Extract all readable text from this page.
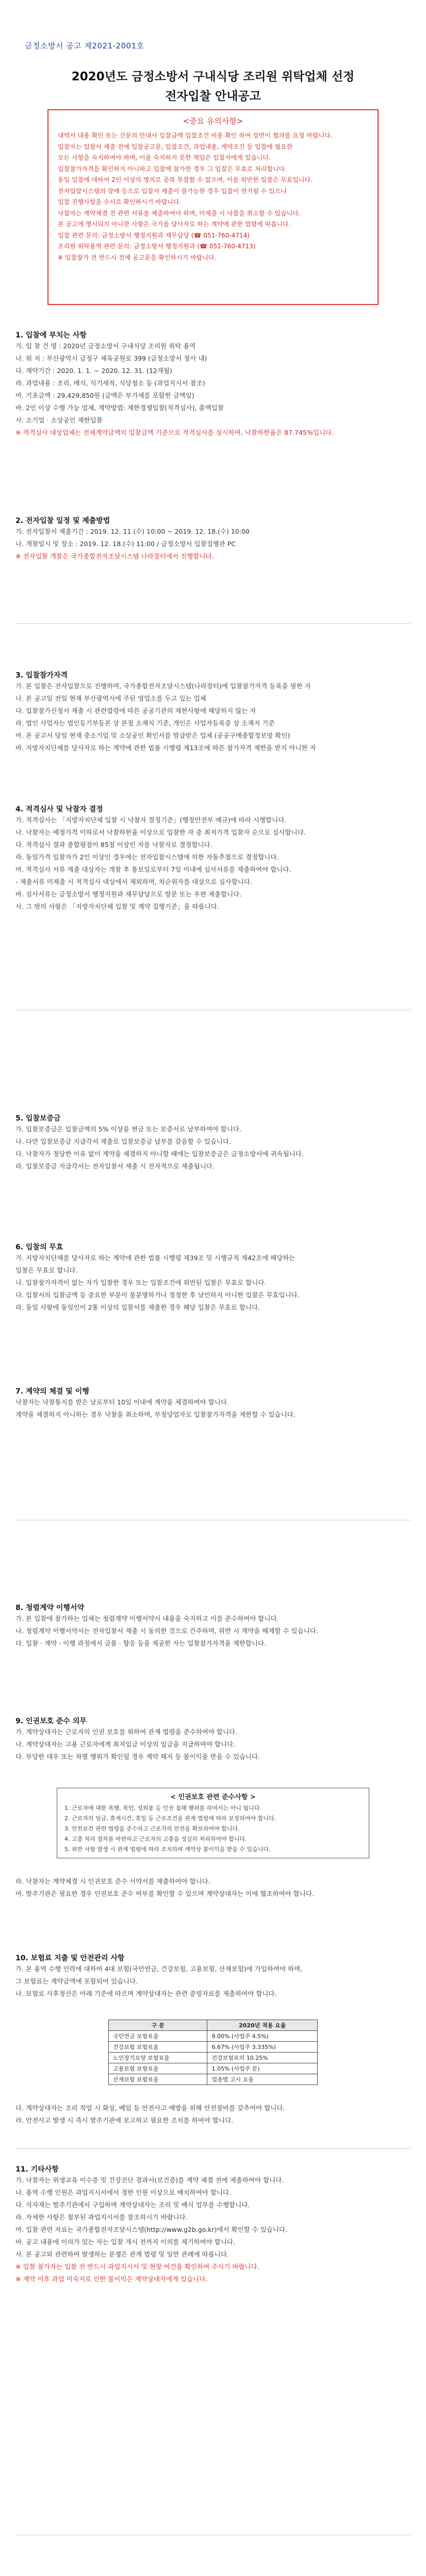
금정소방서 공고 제2021-2001호
2020년도 금정소방서 구내식당 조리원 위탁업체 선정
전자입찰 안내공고
<중요 유의사항>
내역서 내용 확인 또는 신분의 안내사 입찰금액 입찰조건 비용 확인 하여 상반이 협의를 요청 바랍니다.
입찰자는 입찰서 제출 전에 입찰공고문, 입찰조건, 과업내용, 계약조건 등 입찰에 필요한
모든 사항을 숙지하여야 하며, 이를 숙지하지 못한 책임은 입찰자에게 있습니다.
입찰참가자격을 확인하지 아니하고 입찰에 참가한 경우 그 입찰은 무효로 처리합니다.
동일 입찰에 대하여 2인 이상의 명의로 중복 투찰할 수 없으며, 이를 위반한 입찰은 무효입니다.
전자입찰시스템의 장애 등으로 입찰서 제출이 불가능한 경우 입찰이 연기될 수 있으니
입찰 진행사항을 수시로 확인하시기 바랍니다.
낙찰자는 계약체결 전 관련 서류를 제출하여야 하며, 미제출 시 낙찰을 취소할 수 있습니다.
본 공고에 명시되지 아니한 사항은 국가를 당사자로 하는 계약에 관한 법령에 따릅니다.
입찰 관련 문의: 금정소방서 행정지원과 재무담당 (☎ 051-760-4714)
조리원 위탁용역 관련 문의: 금정소방서 행정지원과 (☎ 051-760-4713)
※ 입찰참가 전 반드시 전체 공고문을 확인하시기 바랍니다.
1. 입찰에 부치는 사항
가. 입 찰 건 명 : 2020년 금정소방서 구내식당 조리원 위탁 용역
나. 위 치 : 부산광역시 금정구 체육공원로 399 (금정소방서 청사 내)
다. 계약기간 : 2020. 1. 1. ~ 2020. 12. 31. (12개월)
라. 과업내용 : 조리, 배식, 식기세척, 식당청소 등 (과업지시서 참조)
마. 기초금액 : 29,429,850원 (금액은 부가세를 포함한 금액임)
바. 2인 이상 수행 가능 업체, 계약방법: 제한경쟁입찰(적격심사), 총액입찰
사. 소기업 · 소상공인 제한입찰
※ 적격심사 대상업체는 전체계약금액의 입찰금액 기준으로 적격심사를 실시하며, 낙찰하한율은 87.745%입니다.
2. 전자입찰 일정 및 제출방법
가. 전자입찰서 제출기간 : 2019. 12. 11.(수) 10:00 ~ 2019. 12. 18.(수) 10:00
나. 개찰일시 및 장소 : 2019. 12. 18.(수) 11:00 / 금정소방서 입찰집행관 PC
※ 전자입찰 개찰은 국가종합전자조달시스템 나라장터에서 진행합니다.
3. 입찰참가자격
가. 본 입찰은 전자입찰으로 진행하며, 국가종합전자조달시스템(나라장터)에 입찰참가자격 등록을 필한 자
나. 본 공고일 전일 현재 부산광역시에 주된 영업소를 두고 있는 업체
다. 입찰참가신청서 제출 시 관련법령에 따른 공공기관의 제한사항에 해당하지 않는 자
라. 법인 사업자는 법인등기부등본 상 본점 소재지 기준, 개인은 사업자등록증 상 소재지 기준
마. 본 공고서 당일 현재 중소기업 및 소상공인 확인서를 발급받은 업체 (공공구매종합정보망 확인)
바. 지방자치단체를 당사자로 하는 계약에 관한 법률 시행령 제13조에 따른 참가자격 제한을 받지 아니한 자
4. 적격심사 및 낙찰자 결정
가. 적격심사는 「지방자치단체 입찰 시 낙찰자 결정기준」(행정안전부 예규)에 따라 시행합니다.
나. 낙찰자는 예정가격 이하로서 낙찰하한율 이상으로 입찰한 자 중 최저가격 입찰자 순으로 심사합니다.
다. 적격심사 결과 종합평점이 85점 이상인 자를 낙찰자로 결정합니다.
라. 동일가격 입찰자가 2인 이상인 경우에는 전자입찰시스템에 의한 자동추첨으로 결정합니다.
마. 적격심사 서류 제출 대상자는 개찰 후 통보일로부터 7일 이내에 심사서류를 제출하여야 합니다.
- 제출서류 미제출 시 적격심사 대상에서 제외하며, 차순위자를 대상으로 심사합니다.
바. 심사서류는 금정소방서 행정지원과 재무담당으로 방문 또는 우편 제출합니다.
사. 그 밖의 사항은 「지방자치단체 입찰 및 계약 집행기준」을 따릅니다.
5. 입찰보증금
가. 입찰보증금은 입찰금액의 5% 이상을 현금 또는 보증서로 납부하여야 합니다.
나. 다만 입찰보증금 지급각서 제출로 입찰보증금 납부를 갈음할 수 있습니다.
다. 낙찰자가 정당한 이유 없이 계약을 체결하지 아니할 때에는 입찰보증금은 금정소방서에 귀속됩니다.
라. 입찰보증금 지급각서는 전자입찰서 제출 시 전자적으로 제출됩니다.
6. 입찰의 무효
가. 지방자치단체를 당사자로 하는 계약에 관한 법률 시행령 제39조 및 시행규칙 제42조에 해당하는
입찰은 무효로 합니다.
나. 입찰참가자격이 없는 자가 입찰한 경우 또는 입찰조건에 위반된 입찰은 무효로 합니다.
다. 입찰서의 입찰금액 등 중요한 부분이 불분명하거나 정정한 후 날인하지 아니한 입찰은 무효입니다.
라. 동일 사항에 동일인이 2통 이상의 입찰서를 제출한 경우 해당 입찰은 무효로 합니다.
7. 계약의 체결 및 이행
낙찰자는 낙찰통지를 받은 날로부터 10일 이내에 계약을 체결하여야 합니다.
계약을 체결하지 아니하는 경우 낙찰을 취소하며, 부정당업자로 입찰참가자격을 제한할 수 있습니다.
8. 청렴계약 이행서약
가. 본 입찰에 참가하는 업체는 청렴계약 이행서약서 내용을 숙지하고 이를 준수하여야 합니다.
나. 청렴계약 이행서약서는 전자입찰서 제출 시 동의한 것으로 간주하며, 위반 시 계약을 해제할 수 있습니다.
다. 입찰 · 계약 · 이행 과정에서 금품 · 향응 등을 제공한 자는 입찰참가자격을 제한합니다.
9. 인권보호 준수 의무
가. 계약상대자는 근로자의 인권 보호를 위하여 관계 법령을 준수하여야 합니다.
나. 계약상대자는 고용 근로자에게 최저임금 이상의 임금을 지급하여야 합니다.
다. 부당한 대우 또는 차별 행위가 확인될 경우 계약 해지 등 불이익을 받을 수 있습니다.
< 인권보호 관련 준수사항 >
1. 근로자에 대한 폭행, 폭언, 성희롱 등 인권 침해 행위를 하여서는 아니 됩니다.
2. 근로자의 임금, 휴게시간, 휴일 등 근로조건을 관계 법령에 따라 보장하여야 합니다.
3. 안전보건 관련 법령을 준수하고 근로자의 안전을 확보하여야 합니다.
4. 고충 처리 절차를 마련하고 근로자의 고충을 성실히 처리하여야 합니다.
5. 위반 사항 발생 시 관계 법령에 따라 조치하며 계약상 불이익을 받을 수 있습니다.
라. 낙찰자는 계약체결 시 인권보호 준수 서약서를 제출하여야 합니다.
마. 발주기관은 필요한 경우 인권보호 준수 여부를 확인할 수 있으며 계약상대자는 이에 협조하여야 합니다.
10. 보험료 지출 및 안전관리 사항
가. 본 용역 수행 인력에 대하여 4대 보험(국민연금, 건강보험, 고용보험, 산재보험)에 가입하여야 하며,
그 보험료는 계약금액에 포함되어 있습니다.
나. 보험료 사후정산은 아래 기준에 따르며 계약상대자는 관련 증빙자료를 제출하여야 합니다.
구 분	2020년 적용 요율
국민연금 보험료율	9.00% (사업주 4.5%)
건강보험 보험료율	6.67% (사업주 3.335%)
노인장기요양 보험료율	건강보험료의 10.25%
고용보험 보험료율	1.05% (사업주 분)
산재보험 보험료율	업종별 고시 요율
다. 계약상대자는 조리 작업 시 화상, 베임 등 안전사고 예방을 위해 안전장비를 갖추어야 합니다.
라. 안전사고 발생 시 즉시 발주기관에 보고하고 필요한 조치를 하여야 합니다.
11. 기타사항
가. 낙찰자는 위생교육 이수증 및 건강진단 결과서(보건증)를 계약 체결 전에 제출하여야 합니다.
나. 용역 수행 인원은 과업지시서에서 정한 인원 이상으로 배치하여야 합니다.
다. 식자재는 발주기관에서 구입하며 계약상대자는 조리 및 배식 업무를 수행합니다.
라. 자세한 사항은 첨부된 과업지시서를 참조하시기 바랍니다.
마. 입찰 관련 자료는 국가종합전자조달시스템(http://www.g2b.go.kr)에서 확인할 수 있습니다.
바. 공고 내용에 이의가 있는 자는 입찰 개시 전까지 이의를 제기하여야 합니다.
사. 본 공고와 관련하여 발생하는 분쟁은 관계 법령 및 일반 관례에 따릅니다.
※ 입찰 참가자는 입찰 전 반드시 과업지시서 및 현장 여건을 확인하여 주시기 바랍니다.
※ 계약 이후 과업 미숙지로 인한 불이익은 계약상대자에게 있습니다.
